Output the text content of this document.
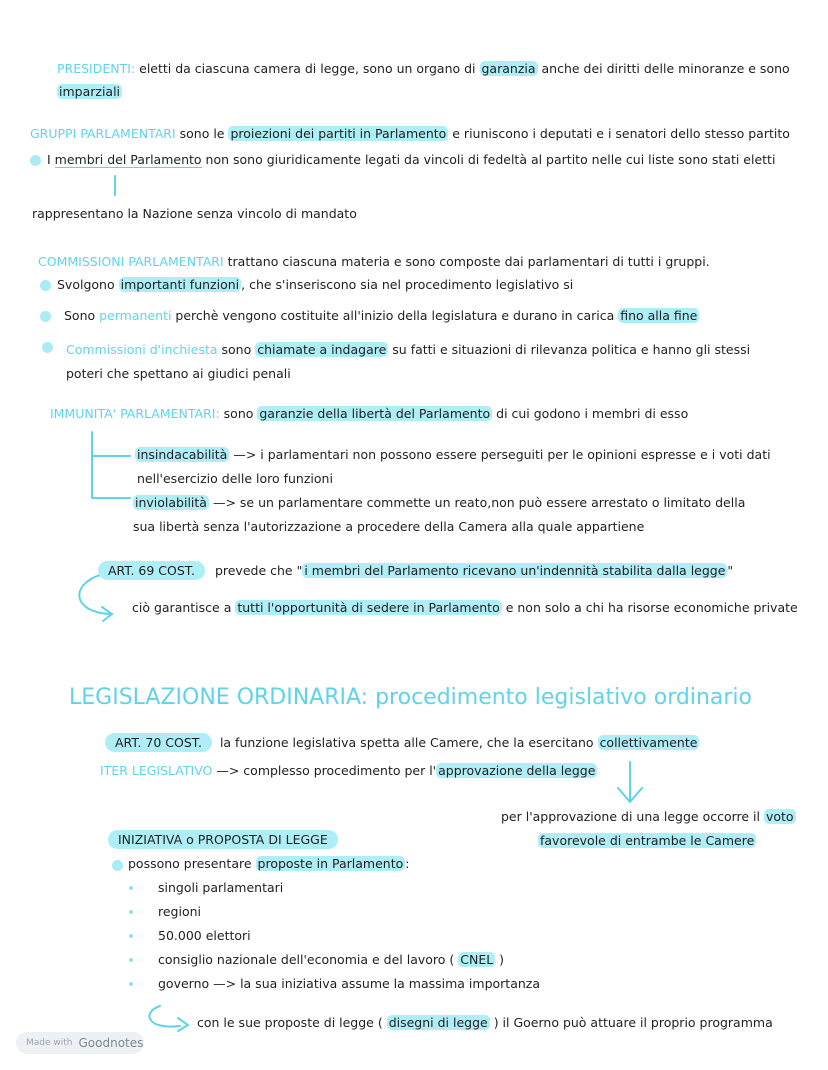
PRESIDENTI: eletti da ciascuna camera di legge, sono un organo di garanzia anche dei diritti delle minoranze e sono
imparziali
GRUPPI PARLAMENTARI sono le proiezioni dei partiti in Parlamento e riuniscono i deputati e i senatori dello stesso partito
I membri del Parlamento non sono giuridicamente legati da vincoli di fedeltà al partito nelle cui liste sono stati eletti
rappresentano la Nazione senza vincolo di mandato
COMMISSIONI PARLAMENTARI trattano ciascuna materia e sono composte dai parlamentari di tutti i gruppi.
Svolgono importanti funzioni , che s'inseriscono sia nel procedimento legislativo si
Sono permanenti perchè vengono costituite all'inizio della legislatura e durano in carica fino alla fine
Commissioni d'inchiesta sono chiamate a indagare su fatti e situazioni di rilevanza politica e hanno gli stessi
poteri che spettano ai giudici penali
IMMUNITA' PARLAMENTARI: sono garanzie della libertà del Parlamento di cui godono i membri di esso
insindacabilità —> i parlamentari non possono essere perseguiti per le opinioni espresse e i voti dati
nell'esercizio delle loro funzioni
inviolabilità —> se un parlamentare commette un reato,non può essere arrestato o limitato della
sua libertà senza l'autorizzazione a procedere della Camera alla quale appartiene
ART. 69 COST. prevede che " i membri del Parlamento ricevano un'indennità stabilita dalla legge "
ciò garantisce a tutti l'opportunità di sedere in Parlamento e non solo a chi ha risorse economiche private
LEGISLAZIONE ORDINARIA: procedimento legislativo ordinario
ART. 70 COST. la funzione legislativa spetta alle Camere, che la esercitano collettivamente
ITER LEGISLATIVO —> complesso procedimento per l' approvazione della legge
per l'approvazione di una legge occorre il voto
favorevole di entrambe le Camere
INIZIATIVA o PROPOSTA DI LEGGE
possono presentare proposte in Parlamento :
singoli parlamentari
regioni
50.000 elettori
consiglio nazionale dell'economia e del lavoro ( CNEL )
governo —> la sua iniziativa assume la massima importanza
con le sue proposte di legge ( disegni di legge ) il Goerno può attuare il proprio programma
Made with Goodnotes
